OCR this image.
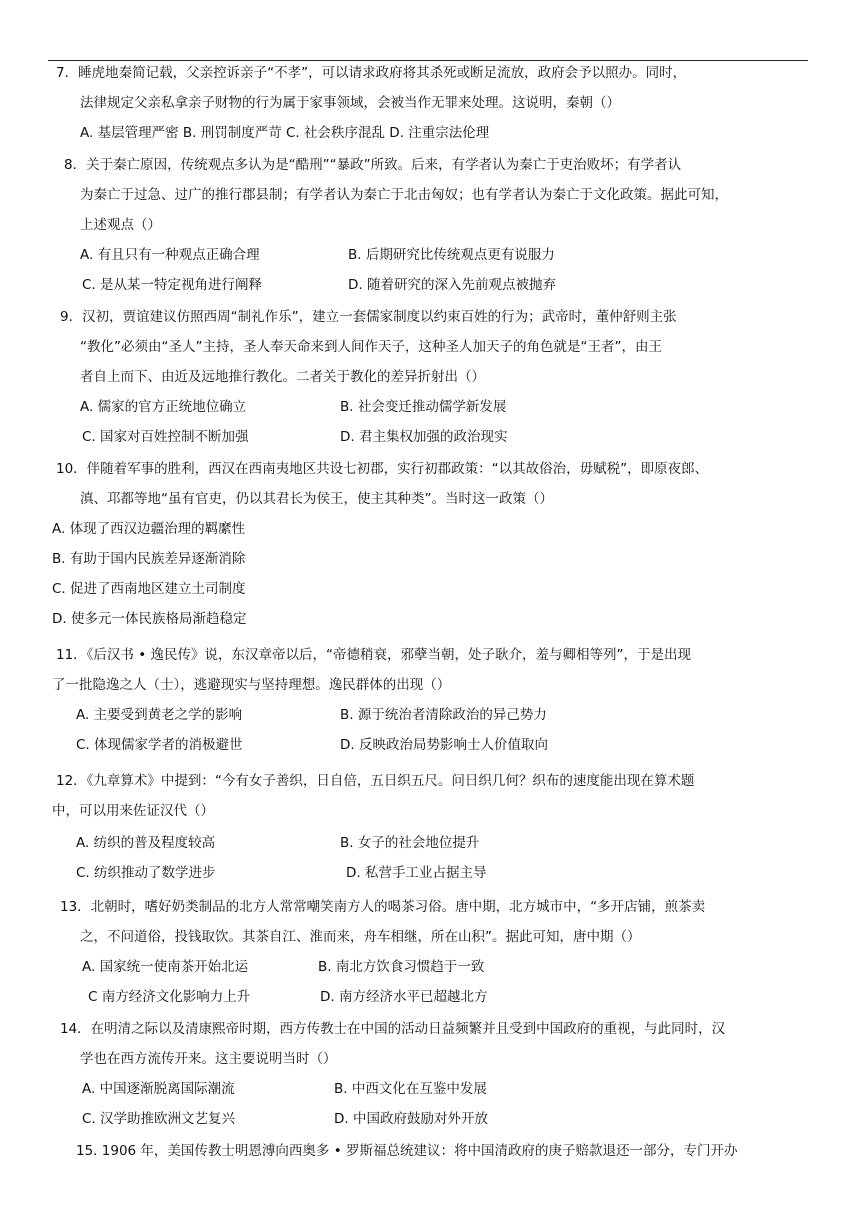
7．睡虎地秦简记载，父亲控诉亲子“不孝”，可以请求政府将其杀死或断足流放，政府会予以照办。同时，
法律规定父亲私拿亲子财物的行为属于家事领域，会被当作无罪来处理。这说明，秦朝（）
A. 基层管理严密 B. 刑罚制度严苛 C. 社会秩序混乱 D. 注重宗法伦理
8．关于秦亡原因，传统观点多认为是“酷刑”“暴政”所致。后来，有学者认为秦亡于吏治败坏；有学者认
为秦亡于过急、过广的推行郡县制；有学者认为秦亡于北击匈奴；也有学者认为秦亡于文化政策。据此可知，
上述观点（）
A. 有且只有一种观点正确合理	B. 后期研究比传统观点更有说服力
C. 是从某一特定视角进行阐释	D. 随着研究的深入先前观点被抛弃
9．汉初，贾谊建议仿照西周“制礼作乐”，建立一套儒家制度以约束百姓的行为；武帝时，董仲舒则主张
“教化”必须由“圣人”主持，圣人奉天命来到人间作天子，这种圣人加天子的角色就是“王者”，由王
者自上而下、由近及远地推行教化。二者关于教化的差异折射出（）
A. 儒家的官方正统地位确立	B. 社会变迁推动儒学新发展
C. 国家对百姓控制不断加强	D. 君主集权加强的政治现实
10．伴随着军事的胜利，西汉在西南夷地区共设七初郡，实行初郡政策：“以其故俗治，毋赋税”，即原夜郎、
滇、邛都等地“虽有官吏，仍以其君长为侯王，使主其种类”。当时这一政策（）
A. 体现了西汉边疆治理的羁縻性
B. 有助于国内民族差异逐渐消除
C. 促进了西南地区建立土司制度
D. 使多元一体民族格局渐趋稳定
11．《后汉书 • 逸民传》说，东汉章帝以后，“帝德稍衰，邪孽当朝，处子耿介，羞与卿相等列”，于是出现
了一批隐逸之人（士），逃避现实与坚持理想。逸民群体的出现（）
A. 主要受到黄老之学的影响	B. 源于统治者清除政治的异己势力
C. 体现儒家学者的消极避世	D. 反映政治局势影响士人价值取向
12．《九章算术》中提到：“今有女子善织，日自倍，五日织五尺。问日织几何？织布的速度能出现在算术题
中，可以用来佐证汉代（）
A. 纺织的普及程度较高	B. 女子的社会地位提升
C. 纺织推动了数学进步	D. 私营手工业占据主导
13．北朝时，嗜好奶类制品的北方人常常嘲笑南方人的喝茶习俗。唐中期，北方城市中，“多开店铺，煎茶卖
之，不问道俗，投钱取饮。其茶自江、淮而来，舟车相继，所在山积”。据此可知，唐中期（）
A. 国家统一使南茶开始北运	B. 南北方饮食习惯趋于一致
C 南方经济文化影响力上升	D. 南方经济水平已超越北方
14．在明清之际以及清康熙帝时期，西方传教士在中国的活动日益频繁并且受到中国政府的重视，与此同时，汉
学也在西方流传开来。这主要说明当时（）
A. 中国逐渐脱离国际潮流	B. 中西文化在互鉴中发展
C. 汉学助推欧洲文艺复兴	D. 中国政府鼓励对外开放
15. 1906 年，美国传教士明恩溥向西奥多 • 罗斯福总统建议：将中国清政府的庚子赔款退还一部分，专门开办
